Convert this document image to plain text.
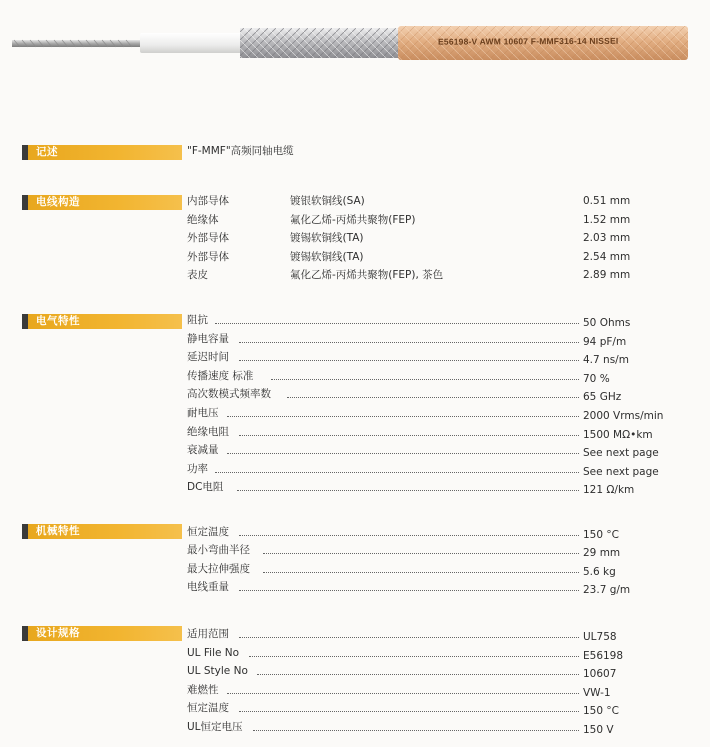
E56198-V AWM 10607 F-MMF316-14 NISSEI
记述	"F-MMF"高频同轴电缆
电线构造	内部导体	镀银软铜线(SA)	0.51 mm
绝缘体	氟化乙烯-丙烯共聚物(FEP)	1.52 mm
外部导体	镀锡软铜线(TA)	2.03 mm
外部导体	镀锡软铜线(TA)	2.54 mm
表皮	氟化乙烯-丙烯共聚物(FEP), 茶色	2.89 mm
电气特性	阻抗	50 Ohms
静电容量	94 pF/m
延迟时间	4.7 ns/m
传播速度 标准	70 %
高次数模式频率数	65 GHz
耐电压	2000 Vrms/min
绝缘电阻	1500 MΩ•km
衰减量	See next page
功率	See next page
DC电阻	121 Ω/km
机械特性	恒定温度	150 °C
最小弯曲半径	29 mm
最大拉伸强度	5.6 kg
电线重量	23.7 g/m
设计规格	适用范围	UL758
UL File No	E56198
UL Style No	10607
难燃性	VW-1
恒定温度	150 °C
UL恒定电压	150 V
